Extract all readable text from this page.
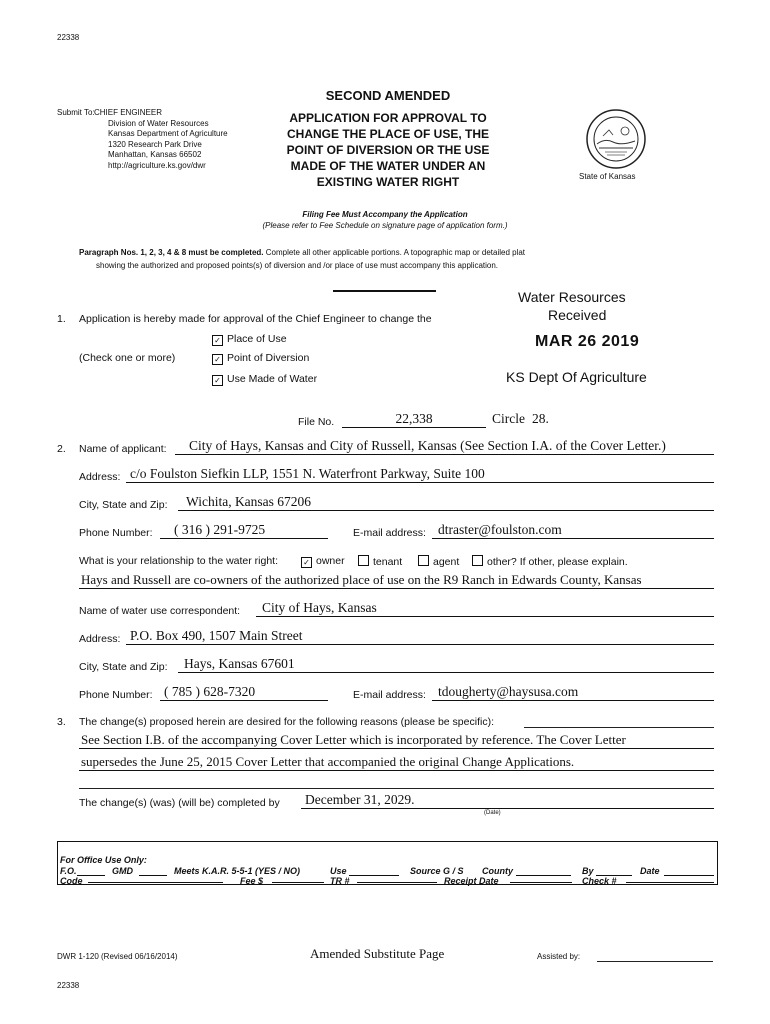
22338
Submit To: CHIEF ENGINEER
Division of Water Resources
Kansas Department of Agriculture
1320 Research Park Drive
Manhattan, Kansas 66502
http://agriculture.ks.gov/dwr
SECOND AMENDED
APPLICATION FOR APPROVAL TO
CHANGE THE PLACE OF USE, THE
POINT OF DIVERSION OR THE USE
MADE OF THE WATER UNDER AN
EXISTING WATER RIGHT	State of Kansas
Filing Fee Must Accompany the Application
(Please refer to Fee Schedule on signature page of application form.)
Paragraph Nos. 1, 2, 3, 4 & 8 must be completed. Complete all other applicable portions. A topographic map or detailed plat
showing the authorized and proposed points(s) of diversion and /or place of use must accompany this application.
Water Resources
Received
MAR 26 2019
KS Dept Of Agriculture
1. Application is hereby made for approval of the Chief Engineer to change the
✓ Place of Use
(Check one or more)	✓ Point of Diversion
✓ Use Made of Water
File No.	22,338	Circle 28.
2. Name of applicant:	City of Hays, Kansas and City of Russell, Kansas (See Section I.A. of the Cover Letter.)
Address: c/o Foulston Siefkin LLP, 1551 N. Waterfront Parkway, Suite 100
City, State and Zip:	Wichita, Kansas 67206
Phone Number:	( 316 ) 291-9725	E-mail address: dtraster@foulston.com
What is your relationship to the water right:	✓ owner	tenant	agent	other? If other, please explain.
Hays and Russell are co-owners of the authorized place of use on the R9 Ranch in Edwards County, Kansas
Name of water use correspondent:	City of Hays, Kansas
Address: P.O. Box 490, 1507 Main Street
City, State and Zip:	Hays, Kansas 67601
Phone Number: ( 785 ) 628-7320	E-mail address: tdougherty@haysusa.com
3. The change(s) proposed herein are desired for the following reasons (please be specific):
See Section I.B. of the accompanying Cover Letter which is incorporated by reference. The Cover Letter
supersedes the June 25, 2015 Cover Letter that accompanied the original Change Applications.
The change(s) (was) (will be) completed by December 31, 2029.
(Date)
For Office Use Only:
F.O.	GMD	Meets K.A.R. 5-5-1 (YES / NO)	Use	Source G / S County	By	Date
Code	Fee $	TR #	Receipt Date	Check #
DWR 1-120 (Revised 06/16/2014)	Amended Substitute Page	Assisted by:
22338
